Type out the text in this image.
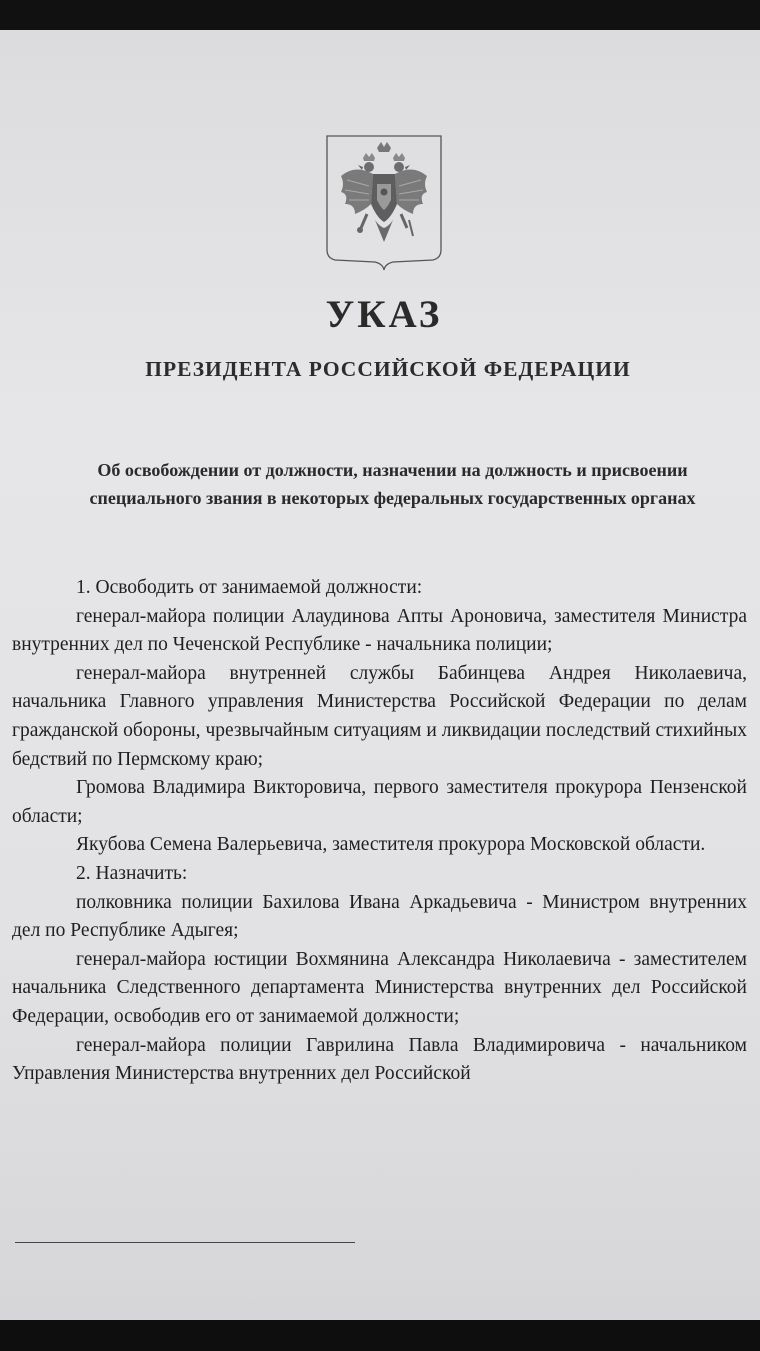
УКАЗ
ПРЕЗИДЕНТА РОССИЙСКОЙ ФЕДЕРАЦИИ
Об освобождении от должности, назначении на должность и присвоении специального звания в некоторых федеральных государственных органах

1. Освободить от занимаемой должности:

генерал-майора полиции Алаудинова Апты Ароновича, заместителя Министра внутренних дел по Чеченской Республике - начальника полиции;

генерал-майора внутренней службы Бабинцева Андрея Николаевича, начальника Главного управления Министерства Российской Федерации по делам гражданской обороны, чрезвычайным ситуациям и ликвидации последствий стихийных бедствий по Пермскому краю;

Громова Владимира Викторовича, первого заместителя прокурора Пензенской области;

Якубова Семена Валерьевича, заместителя прокурора Московской области.

2. Назначить:

полковника полиции Бахилова Ивана Аркадьевича - Министром внутренних дел по Республике Адыгея;

генерал-майора юстиции Вохмянина Александра Николаевича - заместителем начальника Следственного департамента Министерства внутренних дел Российской Федерации, освободив его от занимаемой должности;

генерал-майора полиции Гаврилина Павла Владимировича - начальником Управления Министерства внутренних дел Российской
